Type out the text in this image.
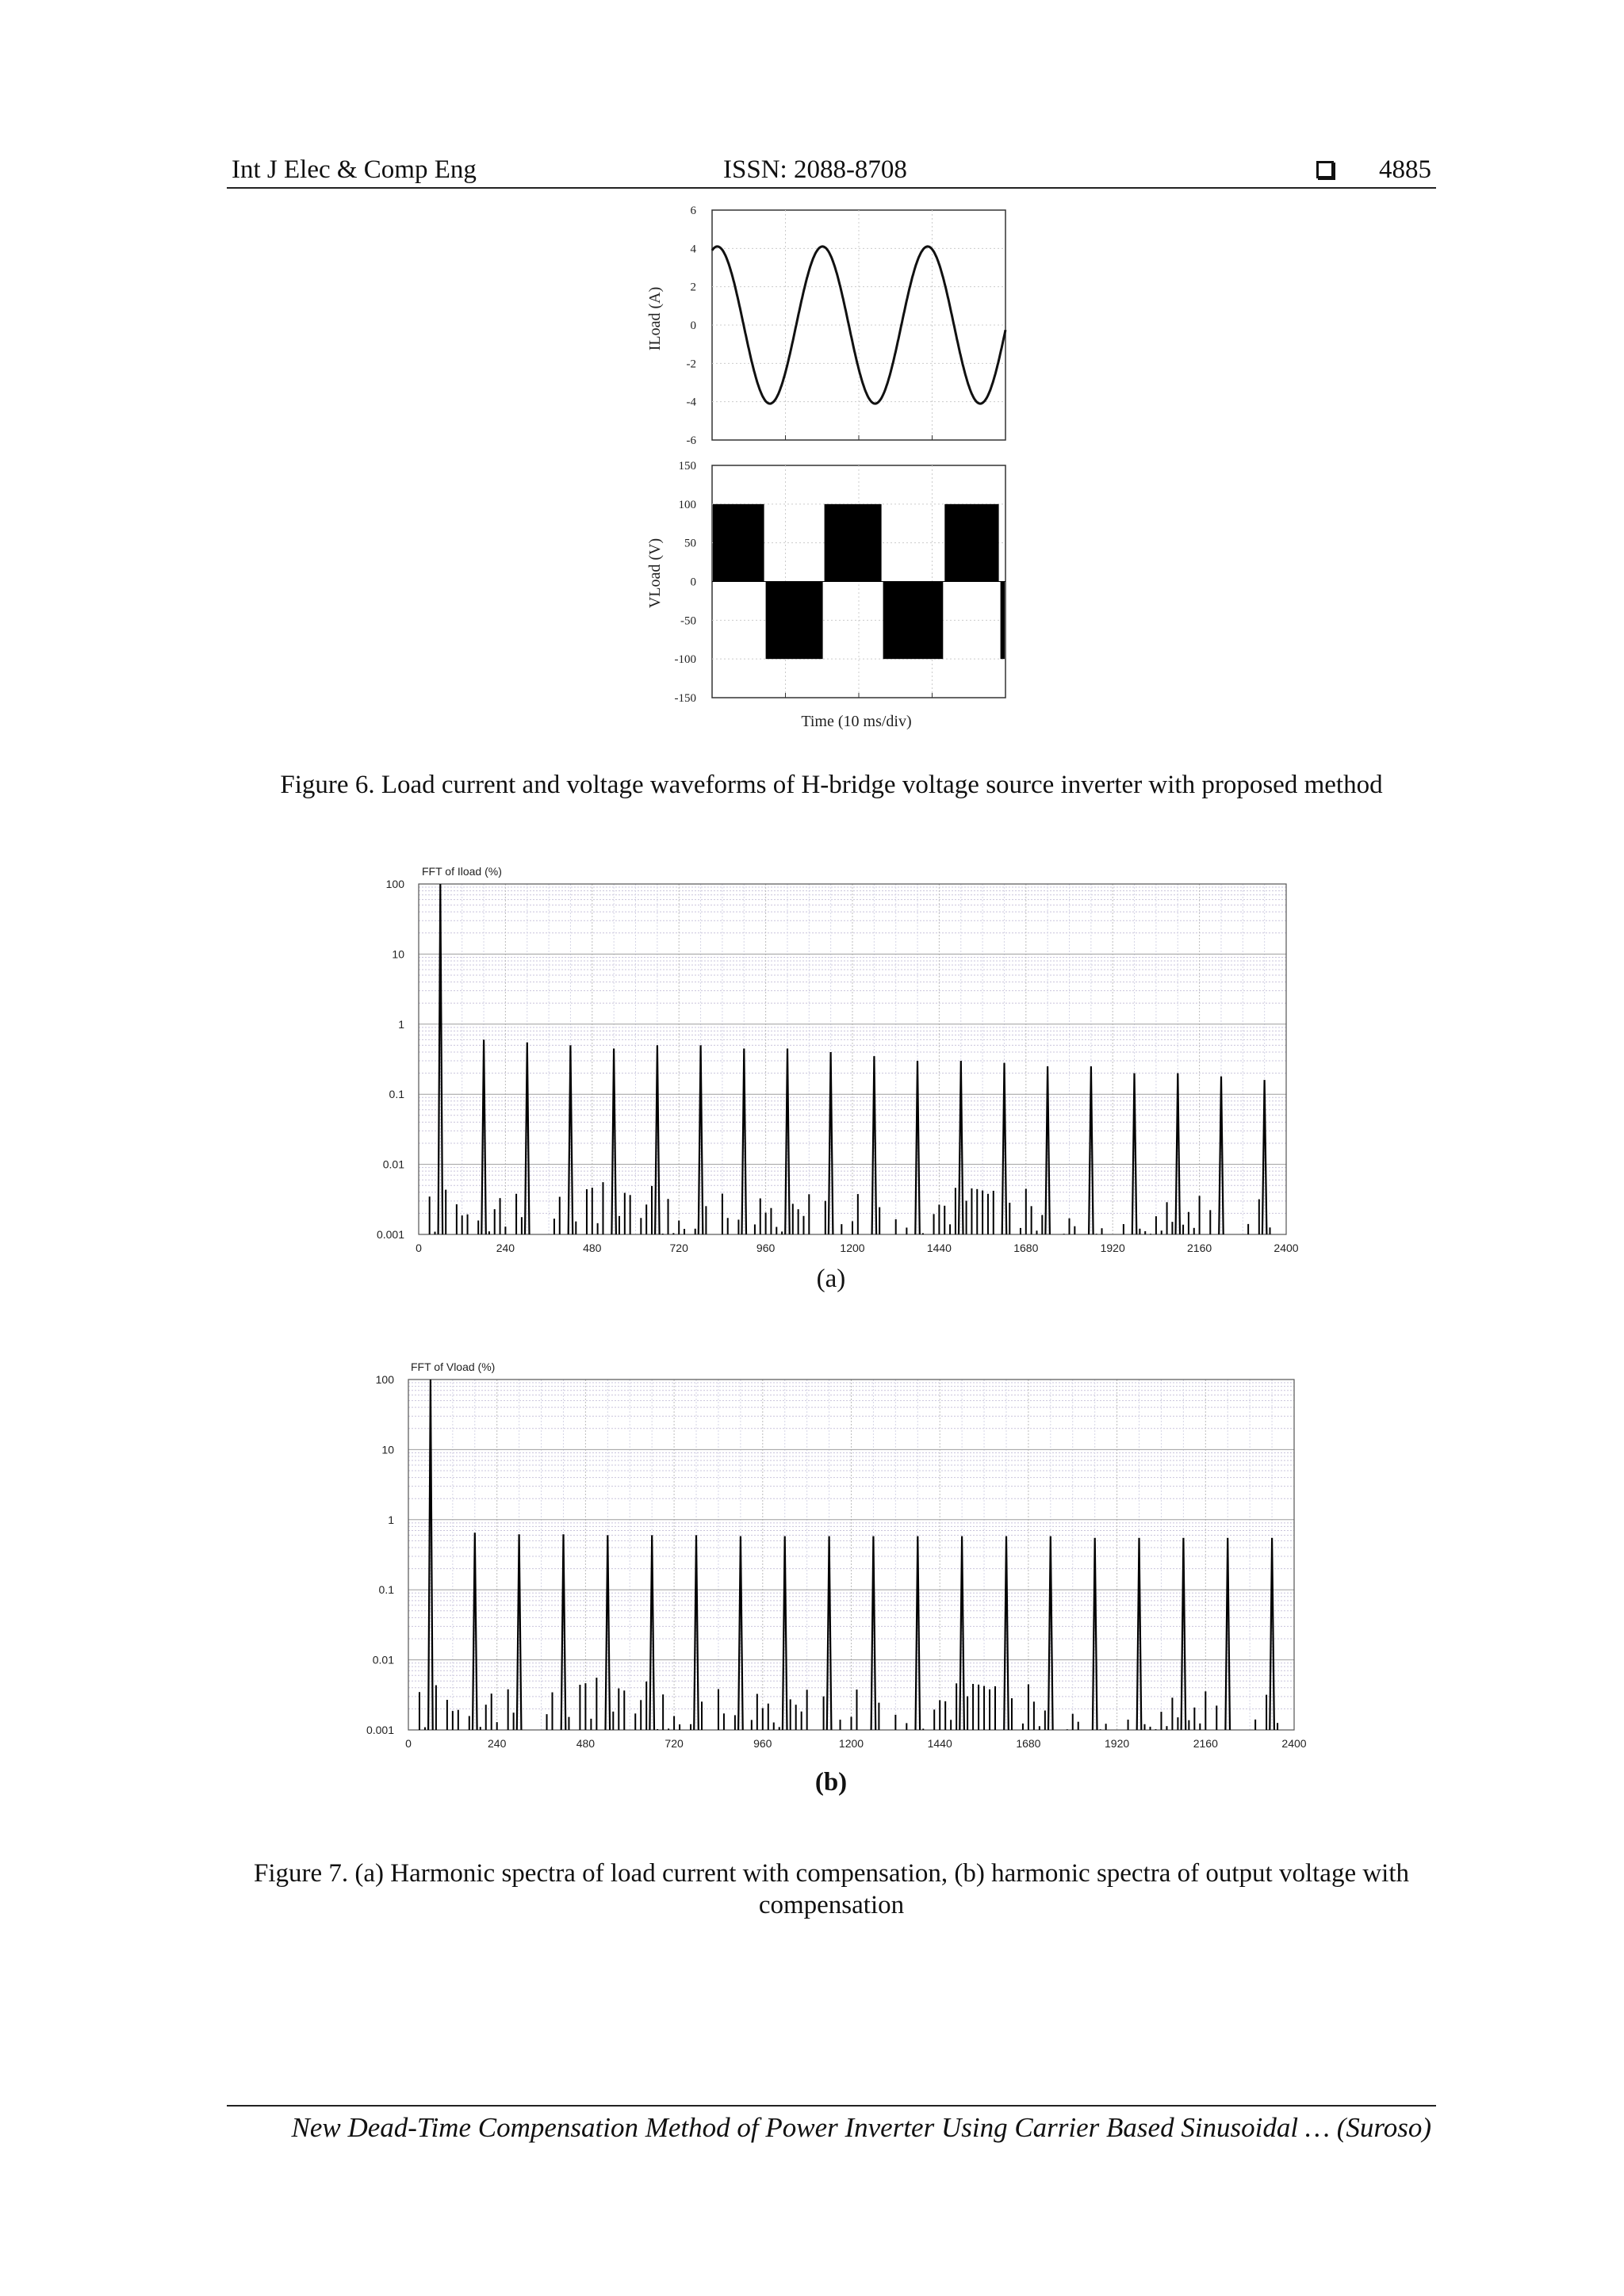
Int J Elec & Comp Eng	ISSN: 2088-8708	4885
6
4
2
0
-2
-4
-6
150
100
50
0
-50
-100
-150
ILoad (A)
VLoad (V)
Time (10 ms/div)
Figure 6. Load current and voltage waveforms of H-bridge voltage source inverter with proposed method
FFT of Iload (%)
100
10
1
0.1
0.01
0.001
0	240	480	720	960	1200	1440	1680	1920	2160	2400
(a)
FFT of Vload (%)
100
10
1
0.1
0.01
0.001
0	240	480	720	960	1200	1440	1680	1920	2160	2400
(b)
Figure 7. (a) Harmonic spectra of load current with compensation, (b) harmonic spectra of output voltage with compensation
New Dead-Time Compensation Method of Power Inverter Using Carrier Based Sinusoidal … (Suroso)
